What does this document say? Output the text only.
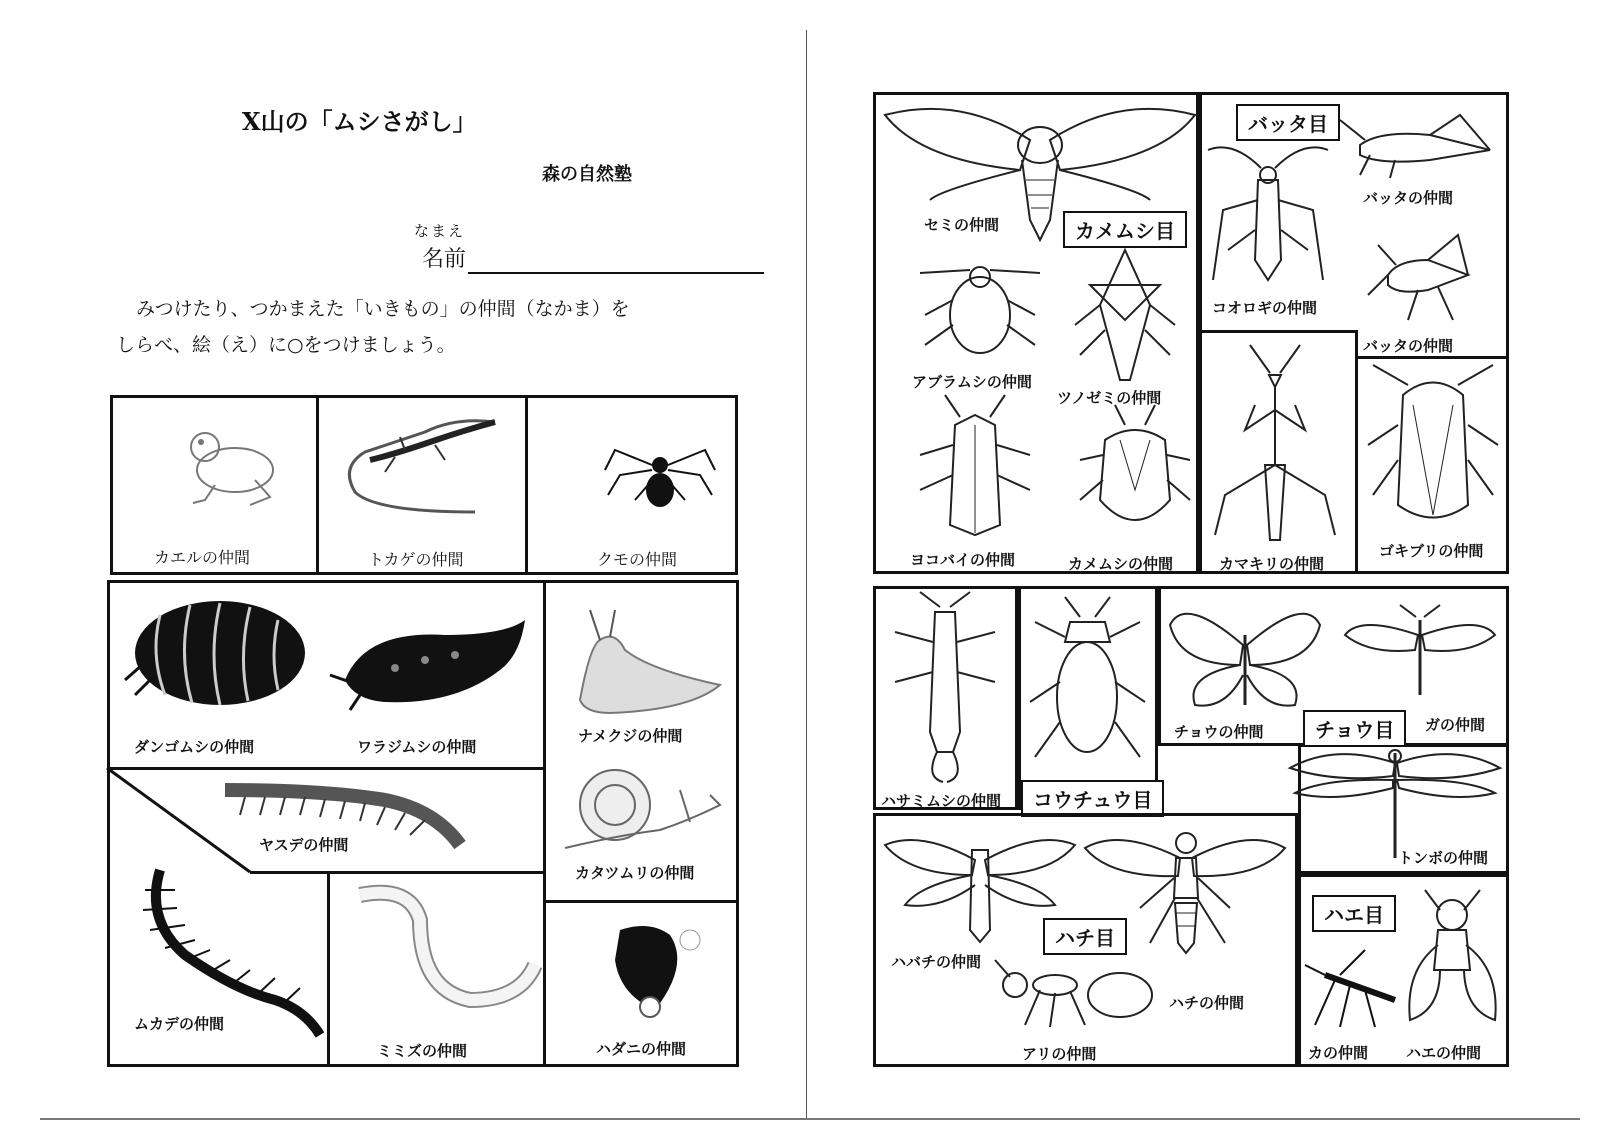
X山の「ムシさがし」
森の自然塾
なまえ
名前
みつけたり、つかまえた「いきもの」の仲間（なかま）を
しらべ、絵（え）に○をつけましょう。
カエルの仲間	トカゲの仲間	クモの仲間
ダンゴムシの仲間	ワラジムシの仲間
ナメクジの仲間
ヤスデの仲間
カタツムリの仲間
ムカデの仲間
ミミズの仲間	ハダニの仲間
カメムシ目
バッタ目
セミの仲間
アブラムシの仲間
ツノゼミの仲間
ヨコバイの仲間	カメムシの仲間
バッタの仲間
コオロギの仲間
バッタの仲間
カマキリの仲間
ゴキブリの仲間
チョウ目
コウチュウ目
ハサミムシの仲間
チョウの仲間	ガの仲間
トンボの仲間
ハチ目
ハエ目
ハバチの仲間
ハチの仲間
アリの仲間	カの仲間	ハエの仲間
